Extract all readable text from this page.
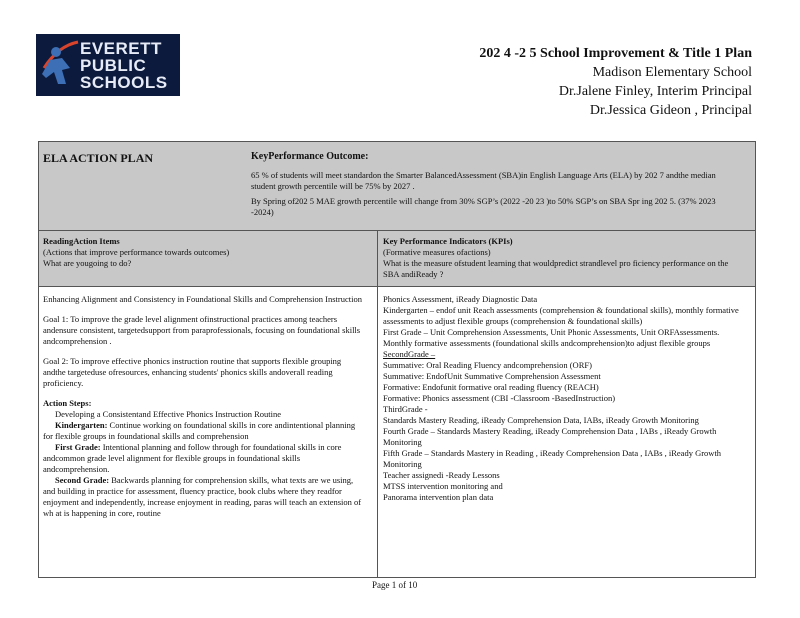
EVERETT
PUBLIC
SCHOOLS
202 4 -2 5 School Improvement & Title 1 Plan
Madison Elementary School
Dr.Jalene Finley, Interim Principal
Dr.Jessica Gideon , Principal
ELA ACTION PLAN	KeyPerformance Outcome:
65 % of students will meet standardon the Smarter BalancedAssessment (SBA)in English Language Arts (ELA) by 202 7 andthe median student growth percentile will be 75% by 2027 .
By Spring of202 5 MAE growth percentile will change from 30% SGP’s (2022 -20 23 )to 50% SGP’s on SBA Spr ing 202 5. (37% 2023 -2024)
ReadingAction Items
(Actions that improve performance towards outcomes)
What are yougoing to do?
Key Performance Indicators (KPIs)
(Formative measures ofactions)
What is the measure ofstudent learning that wouldpredict strandlevel pro ficiency performance on the SBA andiReady ?
Enhancing Alignment and Consistency in Foundational Skills and Comprehension Instruction
Goal 1: To improve the grade level alignment ofinstructional practices among teachers andensure consistent, targetedsupport from paraprofessionals, focusing on foundational skills andcomprehension .
Goal 2: To improve effective phonics instruction routine that supports flexible grouping andthe targeteduse ofresources, enhancing students' phonics skills andoverall reading proficiency.
Action Steps:
Developing a Consistentand Effective Phonics Instruction Routine
Kindergarten: Continue working on foundational skills in core andintentional planning for flexible groups in foundational skills and comprehension
First Grade: Intentional planning and follow through for foundational skills in core andcommon grade level alignment for flexible groups in foundational skills andcomprehension.
Second Grade: Backwards planning for comprehension skills, what texts are we using, and building in practice for assessment, fluency practice, book clubs where they readfor enjoyment and independently, increase enjoyment in reading, paras will teach an extension of wh at is happening in core, routine
Phonics Assessment, iReady Diagnostic Data
Kindergarten – endof unit Reach assessments (comprehension & foundational skills), monthly formative assessments to adjust flexible groups (comprehension & foundational skills)
First Grade – Unit Comprehension Assessments, Unit Phonic Assessments, Unit ORFAssessments. Monthly formative assessments (foundational skills andcomprehension)to adjust flexible groups
SecondGrade –
Summative: Oral Reading Fluency andcomprehension (ORF)
Summative: EndofUnit Summative Comprehension Assessment
Formative: Endofunit formative oral reading fluency (REACH)
Formative: Phonics assessment (CBI -Classroom -BasedInstruction)
ThirdGrade -
Standards Mastery Reading, iReady Comprehension Data, IABs, iReady Growth Monitoring
Fourth Grade – Standards Mastery Reading, iReady Comprehension Data , IABs , iReady Growth Monitoring
Fifth Grade – Standards Mastery in Reading , iReady Comprehension Data , IABs , iReady Growth Monitoring
Teacher assignedi -Ready Lessons
MTSS intervention monitoring and
Panorama intervention plan data
Page 1 of 10
